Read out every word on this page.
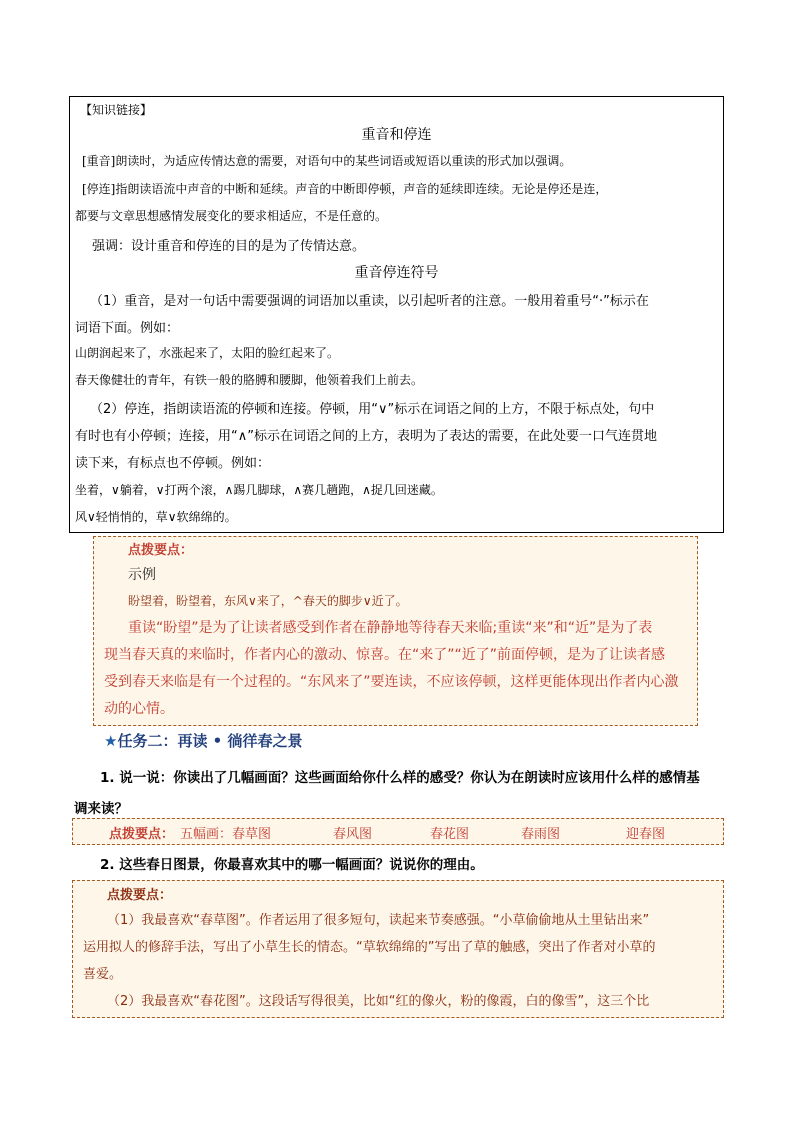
【知识链接】
重音和停连
[重音]朗读时，为适应传情达意的需要，对语句中的某些词语或短语以重读的形式加以强调。
[停连]指朗读语流中声音的中断和延续。声音的中断即停顿，声音的延续即连续。无论是停还是连，
都要与文章思想感情发展变化的要求相适应，不是任意的。
强调：设计重音和停连的目的是为了传情达意。
重音停连符号
（1）重音，是对一句话中需要强调的词语加以重读，以引起听者的注意。一般用着重号“·”标示在
词语下面。例如：
山朗润起来了，水涨起来了，太阳的脸红起来了。
春天像健壮的青年，有铁一般的胳膊和腰脚，他领着我们上前去。
（2）停连，指朗读语流的停顿和连接。停顿，用“∨”标示在词语之间的上方，不限于标点处，句中
有时也有小停顿；连接，用“∧”标示在词语之间的上方，表明为了表达的需要，在此处要一口气连贯地
读下来，有标点也不停顿。例如：
坐着，∨躺着，∨打两个滚，∧踢几脚球，∧赛几趟跑，∧捉几回迷藏。
风∨轻悄悄的，草∨软绵绵的。
点拨要点：
示例
盼望着，盼望着，东风∨来了，^春天的脚步∨近了。
重读“盼望”是为了让读者感受到作者在静静地等待春天来临;重读“来”和“近”是为了表
现当春天真的来临时，作者内心的激动、惊喜。在“来了”“近了”前面停顿，是为了让读者感
受到春天来临是有一个过程的。“东风来了”要连读，不应该停顿，这样更能体现出作者内心激
动的心情。
★任务二：再读 • 徜徉春之景
1. 说一说：你读出了几幅画面？这些画面给你什么样的感受？你认为在朗读时应该用什么样的感情基
调来读？
点拨要点： 五幅画：春草图	春风图	春花图	春雨图	迎春图
2. 这些春日图景，你最喜欢其中的哪一幅画面？说说你的理由。
点拨要点：
（1）我最喜欢“春草图”。作者运用了很多短句，读起来节奏感强。“小草偷偷地从土里钻出来”
运用拟人的修辞手法，写出了小草生长的情态。“草软绵绵的”写出了草的触感，突出了作者对小草的
喜爱。
（2）我最喜欢“春花图”。这段话写得很美，比如“红的像火，粉的像霞，白的像雪”，这三个比
